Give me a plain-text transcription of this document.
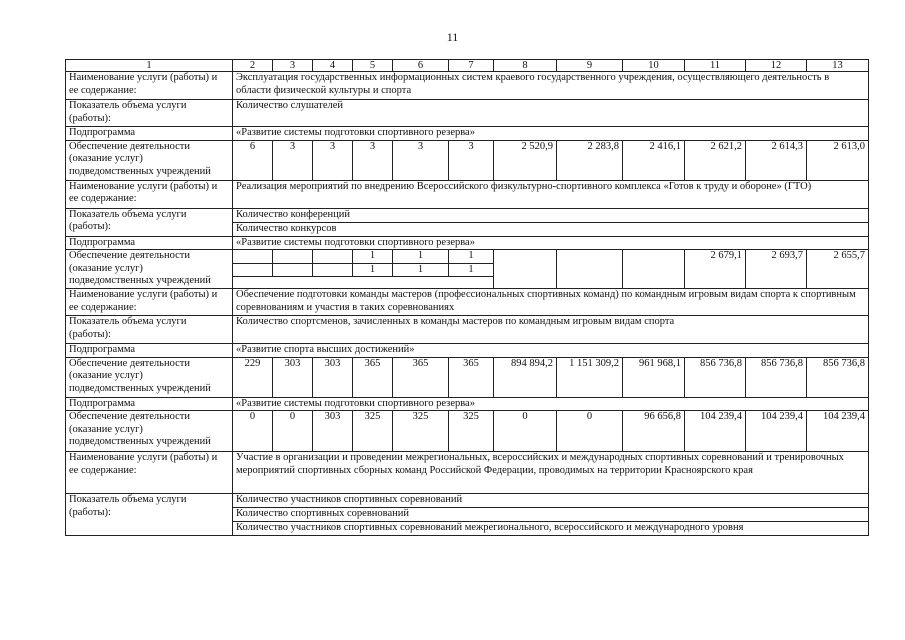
11
1	2	3	4	5	6	7	8	9	10	11	12	13
Наименование услуги (работы) и ее содержание:	Эксплуатация государственных информационных систем краевого государственного учреждения, осуществляющего деятельность в области физической культуры и спорта											
Показатель объема услуги (работы):	Количество слушателей											
Подпрограмма	«Развитие системы подготовки спортивного резерва»											
Обеспечение деятельности (оказание услуг) подведомственных учреждений	6	3	3	3	3	3	2 520,9	2 283,8	2 416,1	2 621,2	2 614,3	2 613,0
Наименование услуги (работы) и ее содержание:	Реализация мероприятий по внедрению Всероссийского физкультурно-спортивного комплекса «Готов к труду и обороне» (ГТО)											
Показатель объема услуги (работы):	Количество конференций											
	Количество конкурсов											
Подпрограмма	«Развитие системы подготовки спортивного резерва»											
Обеспечение деятельности (оказание услуг) подведомственных учреждений				1	1	1				2 679,1	2 693,7	2 655,7
				1	1	1						

Наименование услуги (работы) и ее содержание:	Обеспечение подготовки команды мастеров (профессиональных спортивных команд) по командным игровым видам спорта к спортивным соревнованиям и участия в таких соревнованиях											
Показатель объема услуги (работы):	Количество спортсменов, зачисленных в команды мастеров по командным игровым видам спорта											
Подпрограмма	«Развитие спорта высших достижений»											
Обеспечение деятельности (оказание услуг) подведомственных учреждений	229	303	303	365	365	365	894 894,2	1 151 309,2	961 968,1	856 736,8	856 736,8	856 736,8
Подпрограмма	«Развитие системы подготовки спортивного резерва»											
Обеспечение деятельности (оказание услуг) подведомственных учреждений	0	0	303	325	325	325	0	0	96 656,8	104 239,4	104 239,4	104 239,4
Наименование услуги (работы) и ее содержание:	Участие в организации и проведении межрегиональных, всероссийских и международных спортивных соревнований и тренировочных мероприятий спортивных сборных команд Российской Федерации, проводимых на территории Красноярского края											
Показатель объема услуги (работы):	Количество участников спортивных соревнований											
	Количество спортивных соревнований											
	Количество участников спортивных соревнований межрегионального, всероссийского и международного уровня											
